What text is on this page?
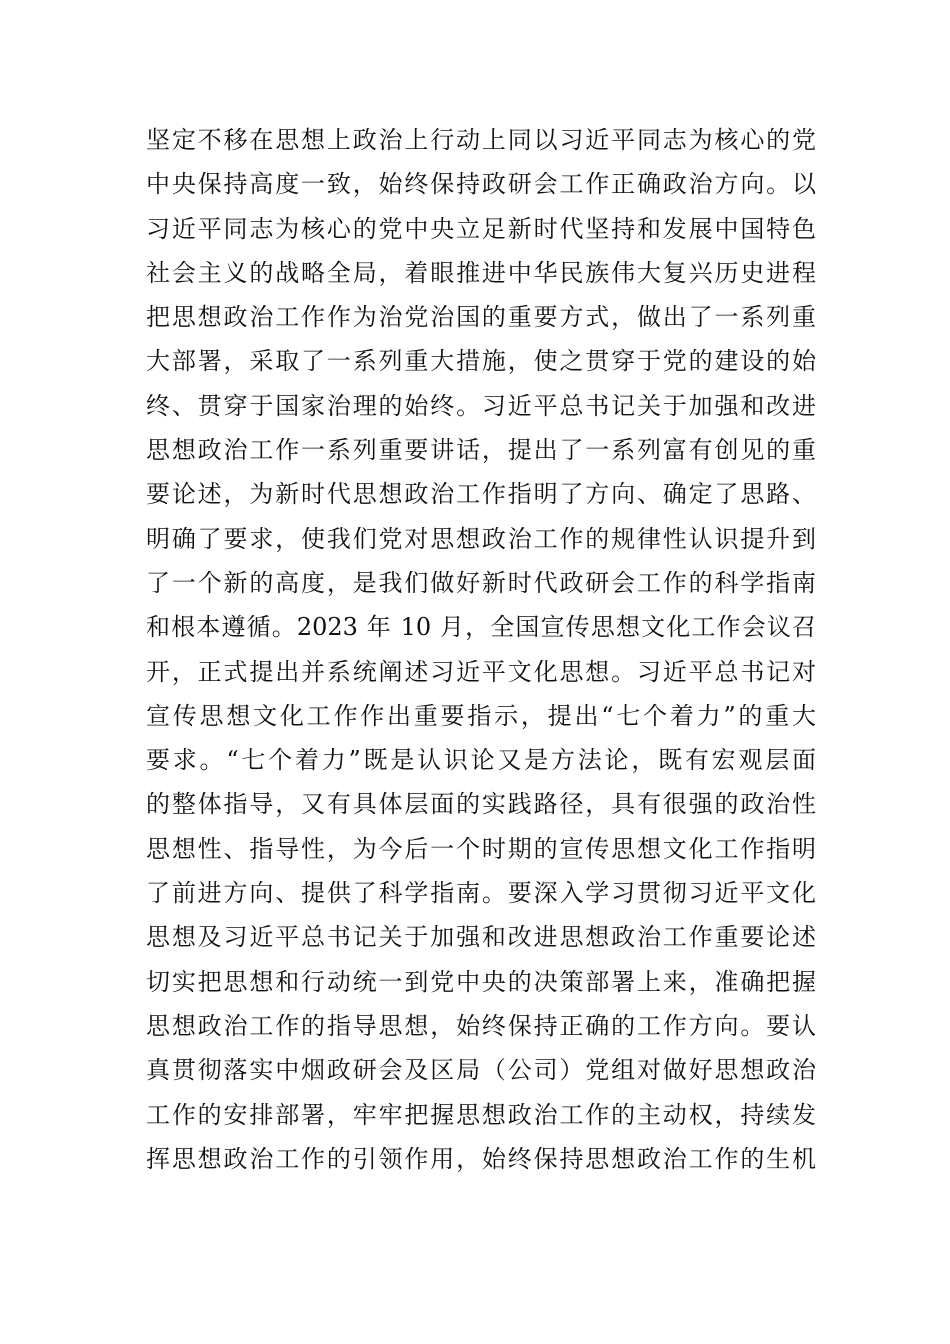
坚定不移在思想上政治上行动上同以习近平同志为核心的党
中央保持高度一致，始终保持政研会工作正确政治方向。以
习近平同志为核心的党中央立足新时代坚持和发展中国特色
社会主义的战略全局，着眼推进中华民族伟大复兴历史进程
把思想政治工作作为治党治国的重要方式，做出了一系列重
大部署，采取了一系列重大措施，使之贯穿于党的建设的始
终、贯穿于国家治理的始终。习近平总书记关于加强和改进
思想政治工作一系列重要讲话，提出了一系列富有创见的重
要论述，为新时代思想政治工作指明了方向、确定了思路、
明确了要求，使我们党对思想政治工作的规律性认识提升到
了一个新的高度，是我们做好新时代政研会工作的科学指南
和根本遵循。2023 年 10 月，全国宣传思想文化工作会议召
开，正式提出并系统阐述习近平文化思想。习近平总书记对
宣传思想文化工作作出重要指示，提出“七个着力”的重大
要求。“七个着力”既是认识论又是方法论，既有宏观层面
的整体指导，又有具体层面的实践路径，具有很强的政治性
思想性、指导性，为今后一个时期的宣传思想文化工作指明
了前进方向、提供了科学指南。要深入学习贯彻习近平文化
思想及习近平总书记关于加强和改进思想政治工作重要论述
切实把思想和行动统一到党中央的决策部署上来，准确把握
思想政治工作的指导思想，始终保持正确的工作方向。要认
真贯彻落实中烟政研会及区局（公司）党组对做好思想政治
工作的安排部署，牢牢把握思想政治工作的主动权，持续发
挥思想政治工作的引领作用，始终保持思想政治工作的生机
